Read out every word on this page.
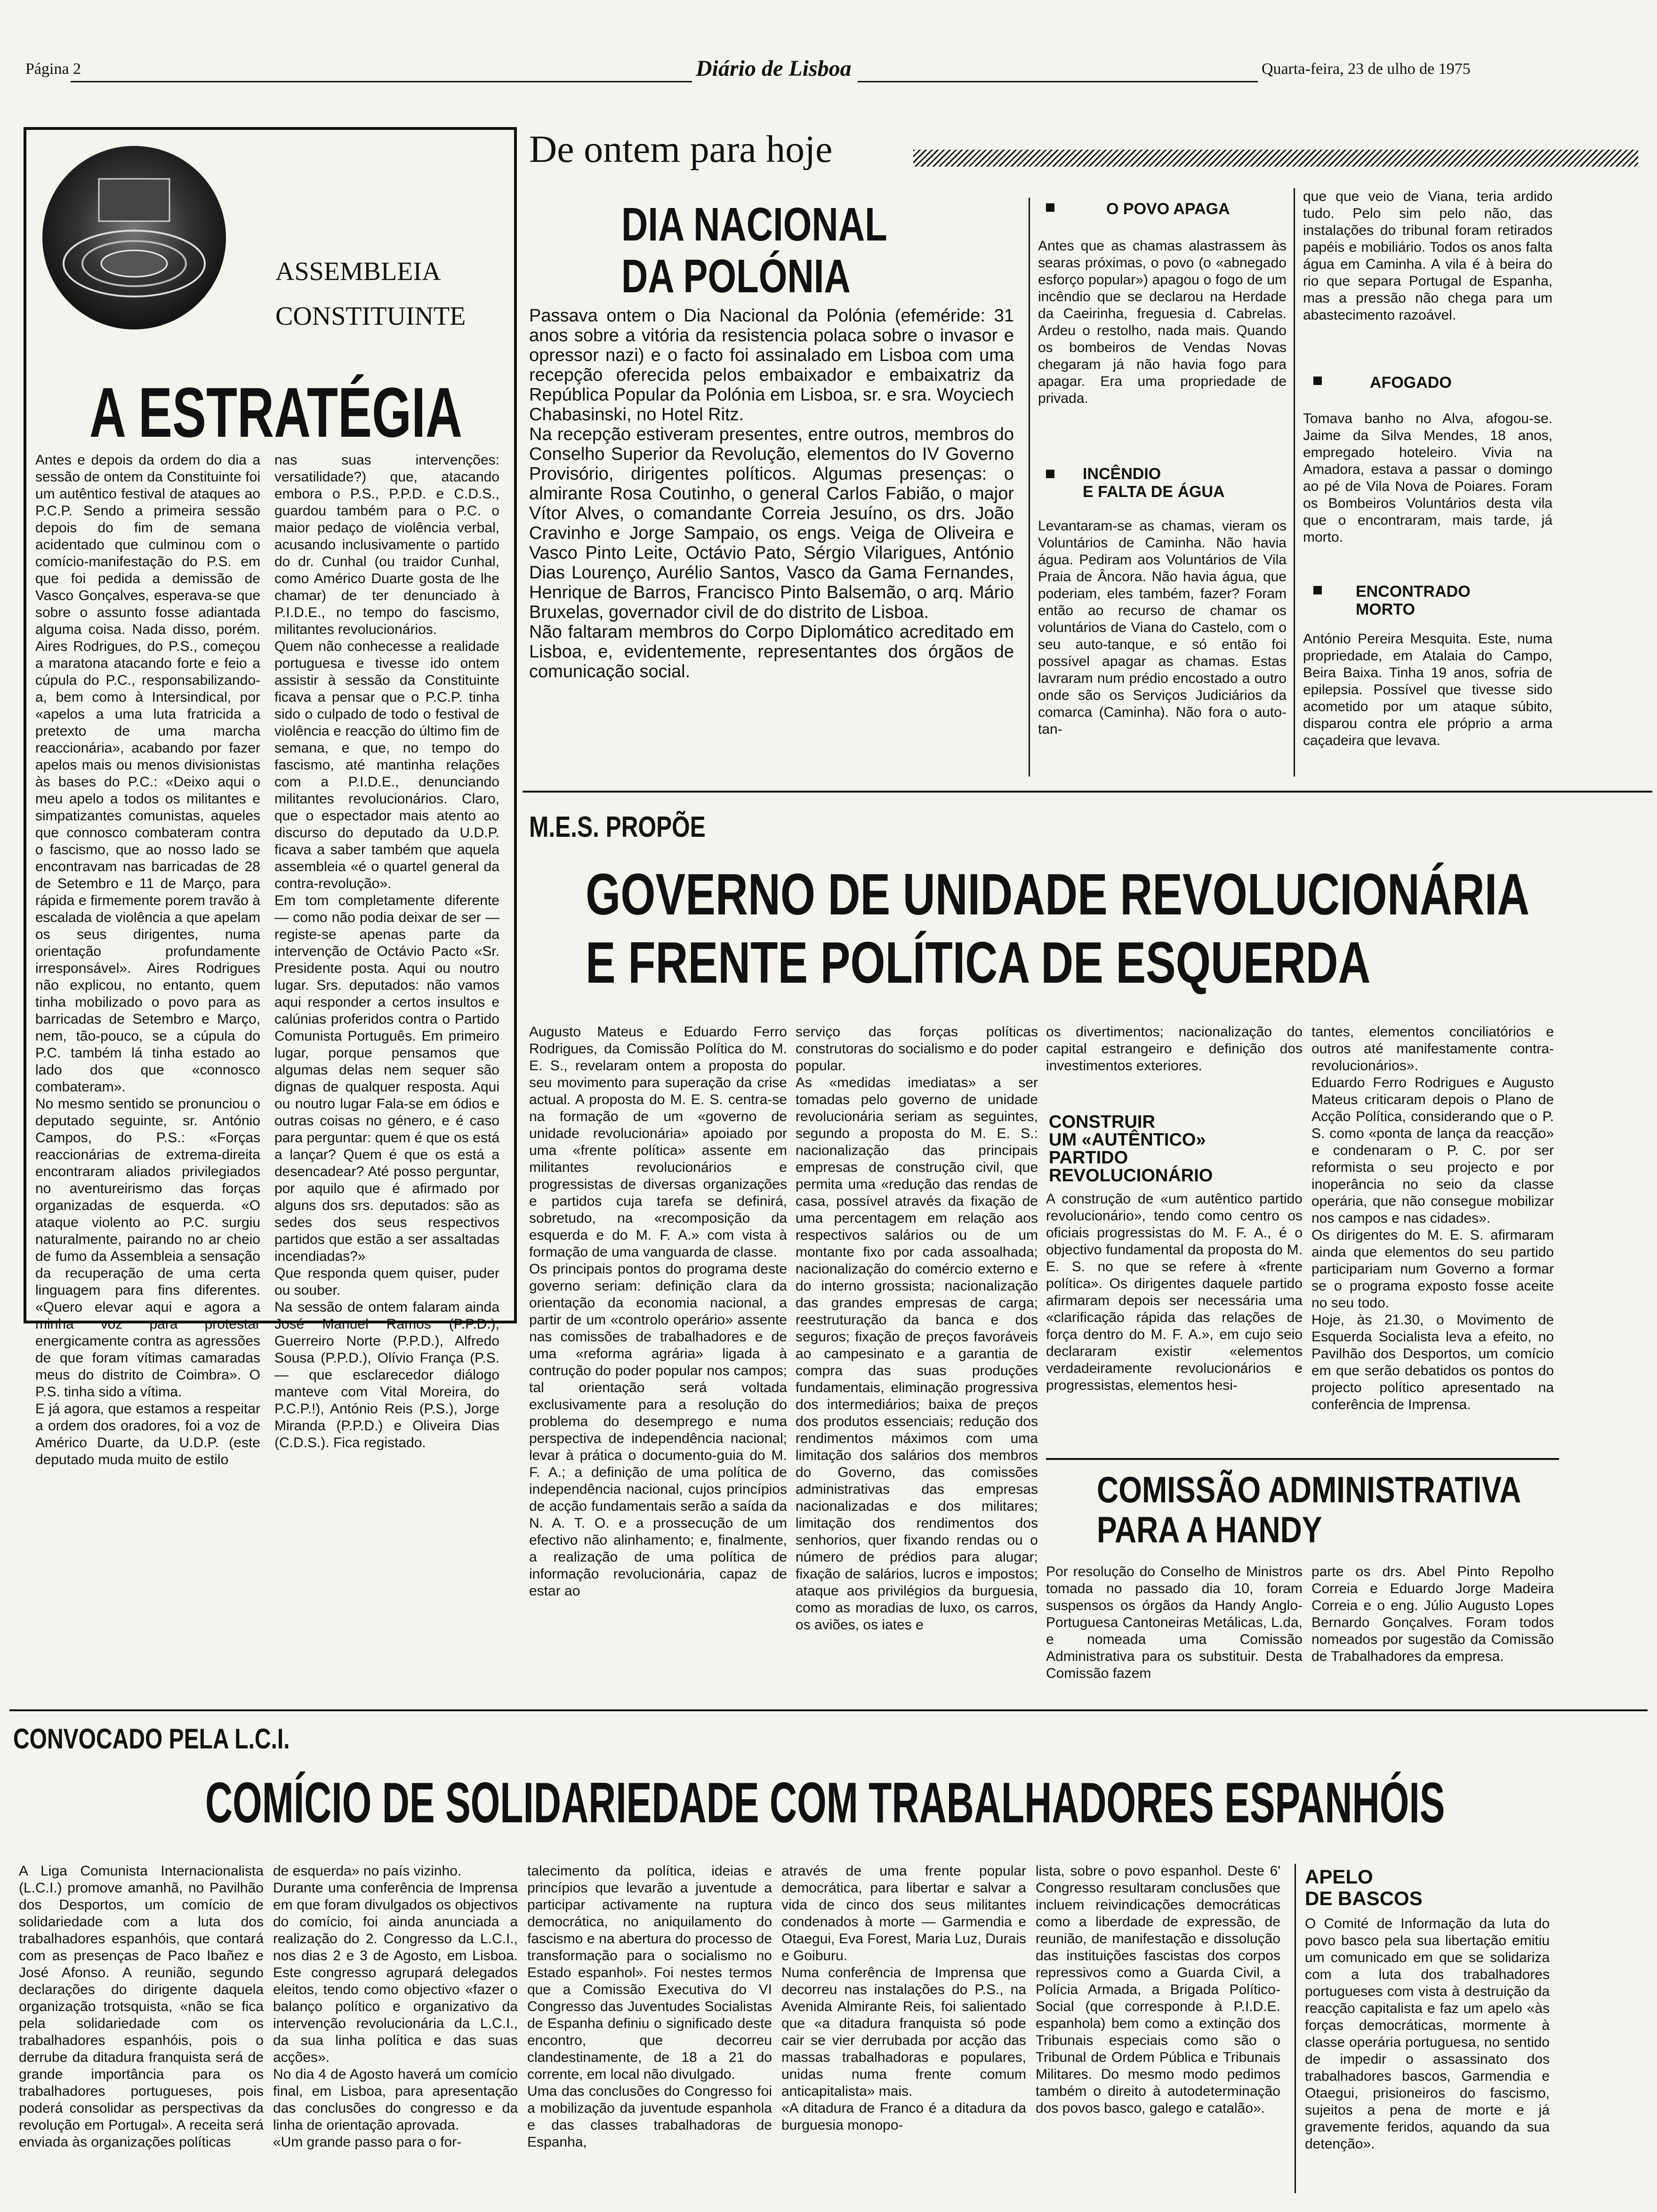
Página 2	Diário de Lisboa	Quarta-feira, 23 de ulho de 1975
ASSEMBLEIA
CONSTITUINTE
A ESTRATÉGIA
Antes e depois da ordem do dia a sessão de ontem da Constituinte foi um autêntico festival de ataques ao P.C.P. Sendo a primeira sessão depois do fim de semana acidentado que culminou com o comício-manifestação do P.S. em que foi pedida a demissão de Vasco Gonçalves, esperava-se que sobre o assunto fosse adiantada alguma coisa. Nada disso, porém. Aires Rodrigues, do P.S., começou a maratona atacando forte e feio a cúpula do P.C., responsabilizando-a, bem como à Intersindical, por «apelos a uma luta fratricida a pretexto de uma marcha reaccionária», acabando por fazer apelos mais ou menos divisionistas às bases do P.C.: «Deixo aqui o meu apelo a todos os militantes e simpatizantes comunistas, aqueles que connosco combateram contra o fascismo, que ao nosso lado se encontravam nas barricadas de 28 de Setembro e 11 de Março, para rápida e firmemente porem travão à escalada de violência a que apelam os seus dirigentes, numa orientação profundamente irresponsável». Aires Rodrigues não explicou, no entanto, quem tinha mobilizado o povo para as barricadas de Setembro e Março, nem, tão-pouco, se a cúpula do P.C. também lá tinha estado ao lado dos que «connosco combateram».
No mesmo sentido se pronunciou o deputado seguinte, sr. António Campos, do P.S.: «Forças reaccionárias de extrema-direita encontraram aliados privilegiados no aventureirismo das forças organizadas de esquerda. «O ataque violento ao P.C. surgiu naturalmente, pairando no ar cheio de fumo da Assembleia a sensação da recuperação de uma certa linguagem para fins diferentes. «Quero elevar aqui e agora a minha voz para protestar energicamente contra as agressões de que foram vítimas camaradas meus do distrito de Coimbra». O P.S. tinha sido a vítima.
E já agora, que estamos a respeitar a ordem dos oradores, foi a voz de Américo Duarte, da U.D.P. (este deputado muda muito de estilo
nas suas intervenções: versatilidade?) que, atacando embora o P.S., P.P.D. e C.D.S., guardou também para o P.C. o maior pedaço de violência verbal, acusando inclusivamente o partido do dr. Cunhal (ou traidor Cunhal, como Américo Duarte gosta de lhe chamar) de ter denunciado à P.I.D.E., no tempo do fascismo, militantes revolucionários.
Quem não conhecesse a realidade portuguesa e tivesse ido ontem assistir à sessão da Constituinte ficava a pensar que o P.C.P. tinha sido o culpado de todo o festival de violência e reacção do último fim de semana, e que, no tempo do fascismo, até mantinha relações com a P.I.D.E., denunciando militantes revolucionários. Claro, que o espectador mais atento ao discurso do deputado da U.D.P. ficava a saber também que aquela assembleia «é o quartel general da contra-revolução».
Em tom completamente diferente — como não podia deixar de ser — registe-se apenas parte da intervenção de Octávio Pacto «Sr. Presidente posta. Aqui ou noutro lugar. Srs. deputados: não vamos aqui responder a certos insultos e calúnias proferidos contra o Partido Comunista Português. Em primeiro lugar, porque pensamos que algumas delas nem sequer são dignas de qualquer resposta. Aqui ou noutro lugar Fala-se em ódios e outras coisas no género, e é caso para perguntar: quem é que os está a lançar? Quem é que os está a desencadear? Até posso perguntar, por aquilo que é afirmado por alguns dos srs. deputados: são as sedes dos seus respectivos partidos que estão a ser assaltadas incendiadas?»
Que responda quem quiser, puder ou souber.
Na sessão de ontem falaram ainda José Manuel Ramos (P.P.D.), Guerreiro Norte (P.P.D.), Alfredo Sousa (P.P.D.), Olívio França (P.S. — que esclarecedor diálogo manteve com Vital Moreira, do P.C.P.!), António Reis (P.S.), Jorge Miranda (P.P.D.) e Oliveira Dias (C.D.S.). Fica registado.
De ontem para hoje
DIA NACIONAL
DA POLÓNIA
Passava ontem o Dia Nacional da Polónia (efeméride: 31 anos sobre a vitória da resistencia polaca sobre o invasor e opressor nazi) e o facto foi assinalado em Lisboa com uma recepção oferecida pelos embaixador e embaixatriz da República Popular da Polónia em Lisboa, sr. e sra. Woyciech Chabasinski, no Hotel Ritz.
Na recepção estiveram presentes, entre outros, membros do Conselho Superior da Revolução, elementos do IV Governo Provisório, dirigentes políticos. Algumas presenças: o almirante Rosa Coutinho, o general Carlos Fabião, o major Vítor Alves, o comandante Correia Jesuíno, os drs. João Cravinho e Jorge Sampaio, os engs. Veiga de Oliveira e Vasco Pinto Leite, Octávio Pato, Sérgio Vilarigues, António Dias Lourenço, Aurélio Santos, Vasco da Gama Fernandes, Henrique de Barros, Francisco Pinto Balsemão, o arq. Mário Bruxelas, governador civil de do distrito de Lisboa.
Não faltaram membros do Corpo Diplomático acreditado em Lisboa, e, evidentemente, representantes dos órgãos de comunicação social.
O POVO APAGA
Antes que as chamas alastrassem às searas próximas, o povo (o «abnegado esforço popular») apagou o fogo de um incêndio que se declarou na Herdade da Caeirinha, freguesia d. Cabrelas. Ardeu o restolho, nada mais. Quando os bombeiros de Vendas Novas chegaram já não havia fogo para apagar. Era uma propriedade de privada.
INCÊNDIO
E FALTA DE ÁGUA
Levantaram-se as chamas, vieram os Voluntários de Caminha. Não havia água. Pediram aos Voluntários de Vila Praia de Âncora. Não havia água, que poderiam, eles também, fazer? Foram então ao recurso de chamar os voluntários de Viana do Castelo, com o seu auto-tanque, e só então foi possível apagar as chamas. Estas lavraram num prédio encostado a outro onde são os Serviços Judiciários da comarca (Caminha). Não fora o auto-tan-
que que veio de Viana, teria ardido tudo. Pelo sim pelo não, das instalações do tribunal foram retirados papéis e mobiliário. Todos os anos falta água em Caminha. A vila é à beira do rio que separa Portugal de Espanha, mas a pressão não chega para um abastecimento razoável.
AFOGADO
Tomava banho no Alva, afogou-se. Jaime da Silva Mendes, 18 anos, empregado hoteleiro. Vivia na Amadora, estava a passar o domingo ao pé de Vila Nova de Poiares. Foram os Bombeiros Voluntários desta vila que o encontraram, mais tarde, já morto.
ENCONTRADO
MORTO
António Pereira Mesquita. Este, numa propriedade, em Atalaia do Campo, Beira Baixa. Tinha 19 anos, sofria de epilepsia. Possível que tivesse sido acometido por um ataque súbito, disparou contra ele próprio a arma caçadeira que levava.
M.E.S. PROPÕE
GOVERNO DE UNIDADE REVOLUCIONÁRIA
E FRENTE POLÍTICA DE ESQUERDA
Augusto Mateus e Eduardo Ferro Rodrigues, da Comissão Política do M. E. S., revelaram ontem a proposta do seu movimento para superação da crise actual. A proposta do M. E. S. centra-se na formação de um «governo de unidade revolucionária» apoiado por uma «frente política» assente em militantes revolucionários e progressistas de diversas organizações e partidos cuja tarefa se definirá, sobretudo, na «recomposição da esquerda e do M. F. A.» com vista à formação de uma vanguarda de classe.
Os principais pontos do programa deste governo seriam: definição clara da orientação da economia nacional, a partir de um «controlo operário» assente nas comissões de trabalhadores e de uma «reforma agrária» ligada à contrução do poder popular nos campos; tal orientação será voltada exclusivamente para a resolução do problema do desemprego e numa perspectiva de independência nacional; levar à prática o documento-guia do M. F. A.; a definição de uma política de independência nacional, cujos princípios de acção fundamentais serão a saída da N. A. T. O. e a prossecução de um efectivo não alinhamento; e, finalmente, a realização de uma política de informação revolucionária, capaz de estar ao
serviço das forças políticas construtoras do socialismo e do poder popular.
As «medidas imediatas» a ser tomadas pelo governo de unidade revolucionária seriam as seguintes, segundo a proposta do M. E. S.: nacionalização das principais empresas de construção civil, que permita uma «redução das rendas de casa, possível através da fixação de uma percentagem em relação aos respectivos salários ou de um montante fixo por cada assoalhada; nacionalização do comércio externo e do interno grossista; nacionalização das grandes empresas de carga; reestruturação da banca e dos seguros; fixação de preços favoráveis ao campesinato e a garantia de compra das suas produções fundamentais, eliminação progressiva dos intermediários; baixa de preços dos produtos essenciais; redução dos rendimentos máximos com uma limitação dos salários dos membros do Governo, das comissões administrativas das empresas nacionalizadas e dos militares; limitação dos rendimentos dos senhorios, quer fixando rendas ou o número de prédios para alugar; fixação de salários, lucros e impostos; ataque aos privilégios da burguesia, como as moradias de luxo, os carros, os aviões, os iates e
os divertimentos; nacionalização do capital estrangeiro e definição dos investimentos exteriores.
CONSTRUIR
UM «AUTÊNTICO»
PARTIDO
REVOLUCIONÁRIO
A construção de «um autêntico partido revolucionário», tendo como centro os oficiais progressistas do M. F. A., é o objectivo fundamental da proposta do M. E. S. no que se refere à «frente política». Os dirigentes daquele partido afirmaram depois ser necessária uma «clarificação rápida das relações de força dentro do M. F. A.», em cujo seio declararam existir «elementos verdadeiramente revolucionários e progressistas, elementos hesi-
tantes, elementos conciliatórios e outros até manifestamente contra-revolucionários».
Eduardo Ferro Rodrigues e Augusto Mateus criticaram depois o Plano de Acção Política, considerando que o P. S. como «ponta de lança da reacção» e condenaram o P. C. por ser reformista o seu projecto e por inoperância no seio da classe operária, que não consegue mobilizar nos campos e nas cidades».
Os dirigentes do M. E. S. afirmaram ainda que elementos do seu partido participariam num Governo a formar se o programa exposto fosse aceite no seu todo.
Hoje, às 21.30, o Movimento de Esquerda Socialista leva a efeito, no Pavilhão dos Desportos, um comício em que serão debatidos os pontos do projecto político apresentado na conferência de Imprensa.
COMISSÃO ADMINISTRATIVA
PARA A HANDY
Por resolução do Conselho de Ministros tomada no passado dia 10, foram suspensos os órgãos da Handy Anglo-Portuguesa Cantoneiras Metálicas, L.da, e nomeada uma Comissão Administrativa para os substituir. Desta Comissão fazem
parte os drs. Abel Pinto Repolho Correia e Eduardo Jorge Madeira Correia e o eng. Júlio Augusto Lopes Bernardo Gonçalves. Foram todos nomeados por sugestão da Comissão de Trabalhadores da empresa.
CONVOCADO PELA L.C.I.
COMÍCIO DE SOLIDARIEDADE COM TRABALHADORES ESPANHÓIS
A Liga Comunista Internacionalista (L.C.I.) promove amanhã, no Pavilhão dos Desportos, um comício de solidariedade com a luta dos trabalhadores espanhóis, que contará com as presenças de Paco Ibañez e José Afonso. A reunião, segundo declarações do dirigente daquela organização trotsquista, «não se fica pela solidariedade com os trabalhadores espanhóis, pois o derrube da ditadura franquista será de grande importância para os trabalhadores portugueses, pois poderá consolidar as perspectivas da revolução em Portugal». A receita será enviada às organizações políticas
de esquerda» no país vizinho.
Durante uma conferência de Imprensa em que foram divulgados os objectivos do comício, foi ainda anunciada a realização do 2. Congresso da L.C.I., nos dias 2 e 3 de Agosto, em Lisboa. Este congresso agrupará delegados eleitos, tendo como objectivo «fazer o balanço político e organizativo da intervenção revolucionária da L.C.I., da sua linha política e das suas acções».
No dia 4 de Agosto haverá um comício final, em Lisboa, para apresentação das conclusões do congresso e da linha de orientação aprovada.
«Um grande passo para o for-
talecimento da política, ideias e princípios que levarão a juventude a participar activamente na ruptura democrática, no aniquilamento do fascismo e na abertura do processo de transformação para o socialismo no Estado espanhol». Foi nestes termos que a Comissão Executiva do VI Congresso das Juventudes Socialistas de Espanha definiu o significado deste encontro, que decorreu clandestinamente, de 18 a 21 do corrente, em local não divulgado.
Uma das conclusões do Congresso foi a mobilização da juventude espanhola e das classes trabalhadoras de Espanha,
através de uma frente popular democrática, para libertar e salvar a vida de cinco dos seus militantes condenados à morte — Garmendia e Otaegui, Eva Forest, Maria Luz, Durais e Goiburu.
Numa conferência de Imprensa que decorreu nas instalações do P.S., na Avenida Almirante Reis, foi salientado que «a ditadura franquista só pode cair se vier derrubada por acção das massas trabalhadoras e populares, unidas numa frente comum anticapitalista» mais.
«A ditadura de Franco é a ditadura da burguesia monopo-
lista, sobre o povo espanhol. Deste 6' Congresso resultaram conclusões que incluem reivindicações democráticas como a liberdade de expressão, de reunião, de manifestação e dissolução das instituições fascistas dos corpos repressivos como a Guarda Civil, a Polícia Armada, a Brigada Político-Social (que corresponde à P.I.D.E. espanhola) bem como a extinção dos Tribunais especiais como são o Tribunal de Ordem Pública e Tribunais Militares. Do mesmo modo pedimos também o direito à autodeterminação dos povos basco, galego e catalão».
APELO
DE BASCOS
O Comité de Informação da luta do povo basco pela sua libertação emitiu um comunicado em que se solidariza com a luta dos trabalhadores portugueses com vista à destruição da reacção capitalista e faz um apelo «às forças democráticas, mormente à classe operária portuguesa, no sentido de impedir o assassinato dos trabalhadores bascos, Garmendia e Otaegui, prisioneiros do fascismo, sujeitos a pena de morte e já gravemente feridos, aquando da sua detenção».
